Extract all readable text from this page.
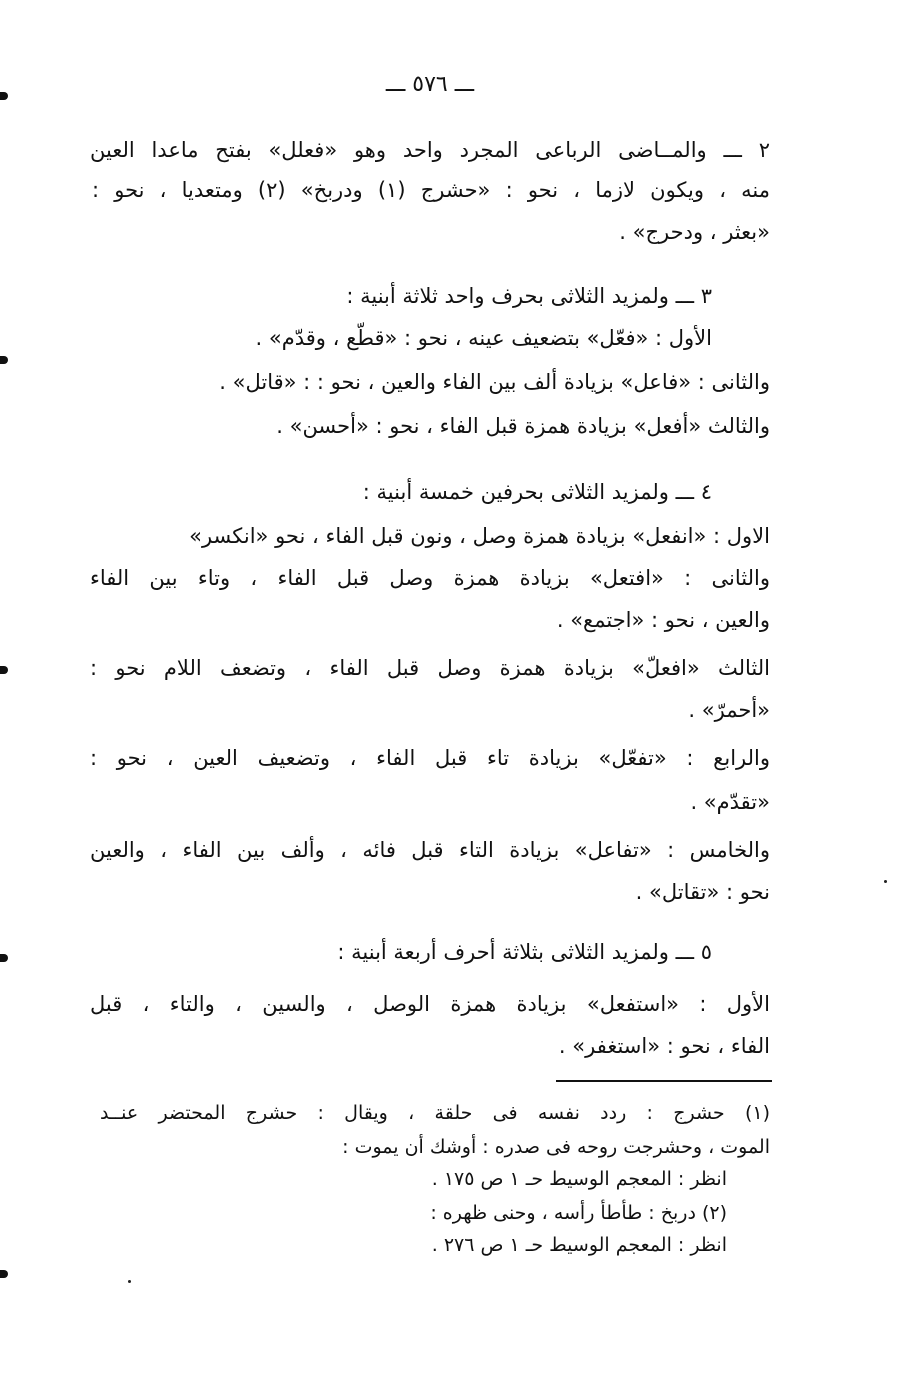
ـــ ٥٧٦ ـــ
٢ ـــ والمــاضى الرباعى المجرد واحد وهو «فعلل» بفتح ماعدا العين
منه ، ويكون لازما ، نحو : «حشرج (١) ودربخ» (٢) ومتعديا ، نحو :
«بعثر ، ودحرج» .
٣ ـــ ولمزيد الثلاثى بحرف واحد ثلاثة أبنية :
الأول : «فعّل» بتضعيف عينه ، نحو : «قطّع ، وقدّم» .
والثانى : «فاعل» بزيادة ألف بين الفاء والعين ، نحو : : «قاتل» .
والثالث «أفعل» بزيادة همزة قبل الفاء ، نحو : «أحسن» .
٤ ـــ ولمزيد الثلاثى بحرفين خمسة أبنية :
الاول : «انفعل» بزيادة همزة وصل ، ونون قبل الفاء ، نحو «انكسر»
والثانى : «افتعل» بزيادة همزة وصل قبل الفاء ، وتاء بين الفاء
والعين ، نحو : «اجتمع» .
الثالث «افعلّ» بزيادة همزة وصل قبل الفاء ، وتضعف اللام نحو :
«أحمرّ» .
والرابع : «تفعّل» بزيادة تاء قبل الفاء ، وتضعيف العين ، نحو :
«تقدّم» .
والخامس : «تفاعل» بزيادة التاء قبل فائه ، وألف بين الفاء ، والعين
نحو : «تقاتل» .
٥ ـــ ولمزيد الثلاثى بثلاثة أحرف أربعة أبنية :
الأول : «استفعل» بزيادة همزة الوصل ، والسين ، والتاء ، قبل
الفاء ، نحو : «استغفر» .
(١) حشرج : ردد نفسه فى حلقة ، ويقال : حشرج المحتضر عنــد
الموت ، وحشرجت روحه فى صدره : أوشك أن يموت :
انظر : المعجم الوسيط حـ ١ ص ١٧٥ .
(٢) دربخ : طأطأ رأسه ، وحنى ظهره :
انظر : المعجم الوسيط حـ ١ ص ٢٧٦ .
